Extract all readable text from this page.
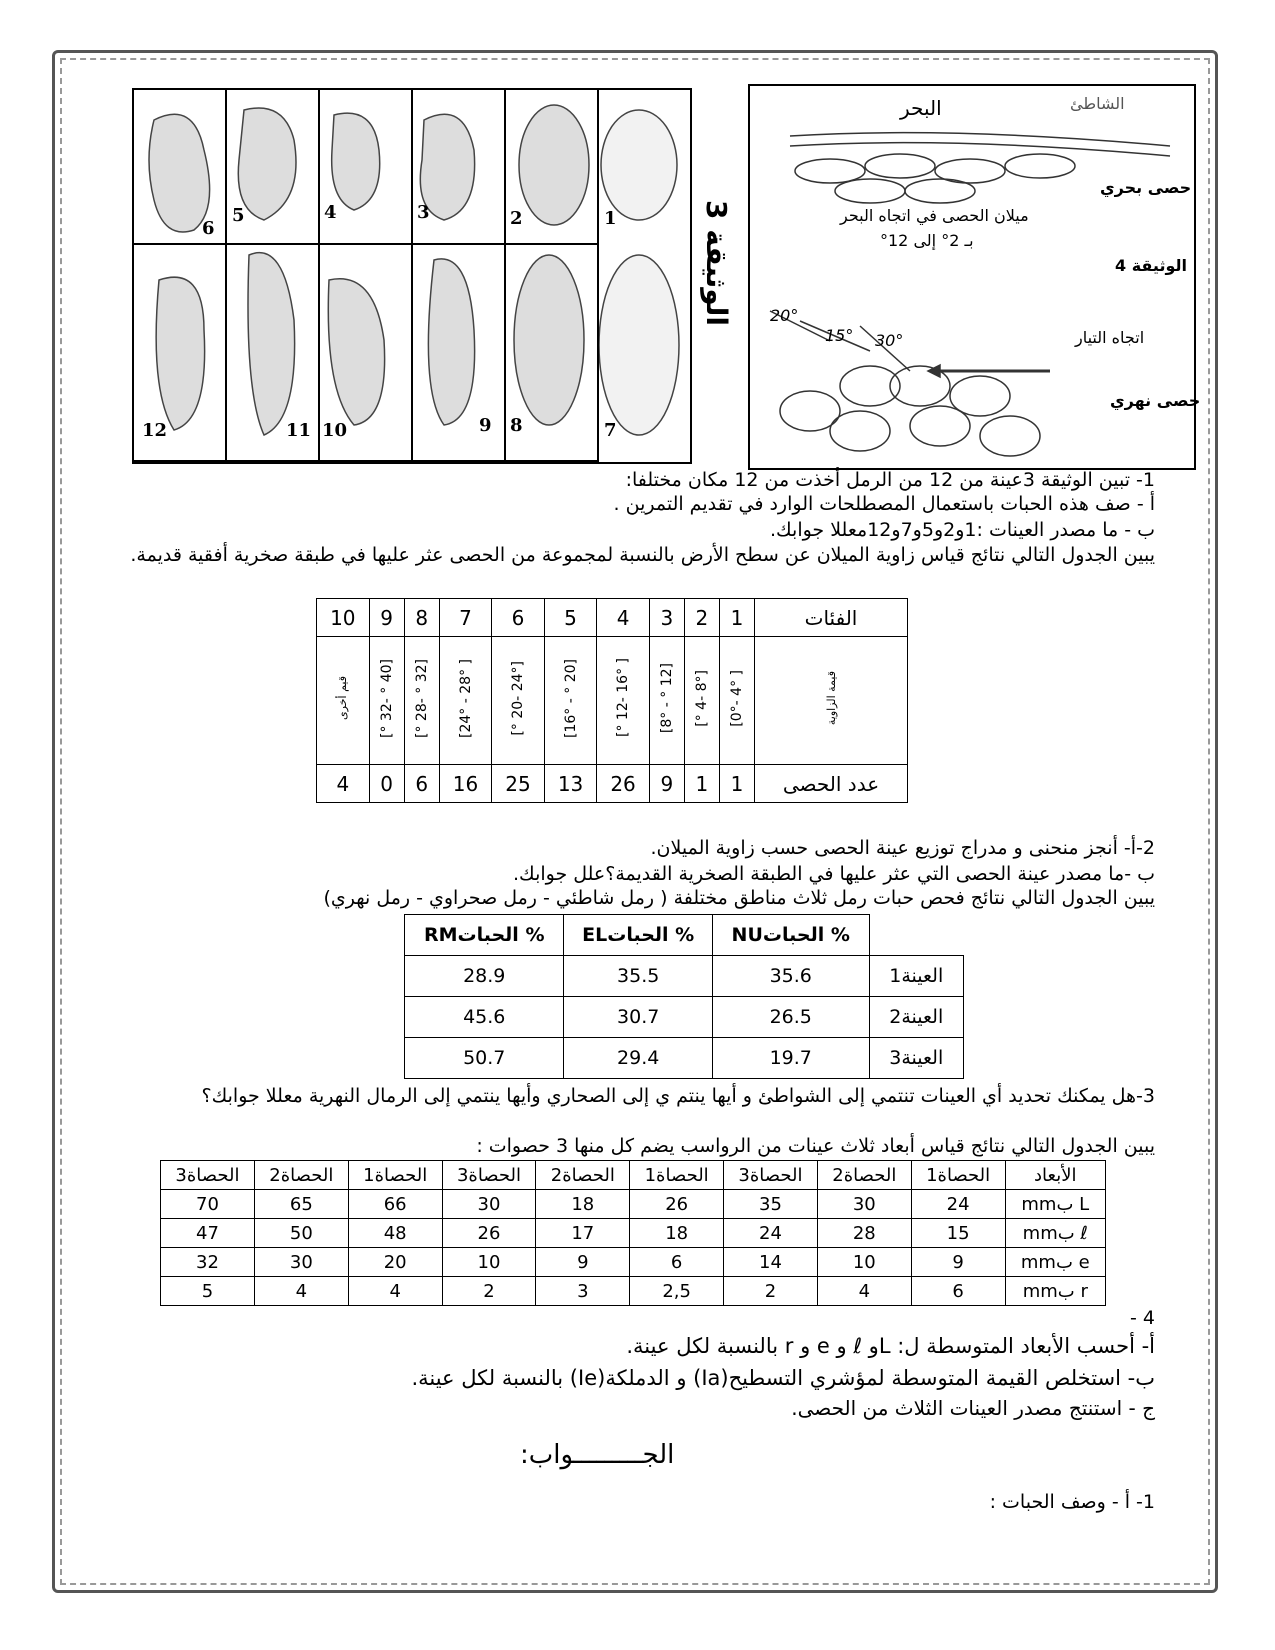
6
5	4	3	2	1
12	11 10	9 8	7
الوثيقة 3
الشاطئ
البحر
حصى بحري
ميلان الحصى في اتجاه البحر
بـ 2° إلى 12°
الوثيقة 4
20°
15° 30°	اتجاه التيار
حصى نهري
1- تبين الوثيقة 3عينة من 12 من الرمل أخذت من 12 مكان مختلفا:
أ - صف هذه الحبات باستعمال المصطلحات الوارد في تقديم التمرين .
ب - ما مصدر العينات :1و2و5و7و12معللا جوابك.
يبين الجدول التالي نتائج قياس زاوية الميلان عن سطح الأرض بالنسبة لمجموعة من الحصى عثر عليها في طبقة صخرية أفقية قديمة.
الفئات	1	2	3	4	5	6	7	8	9	10
قيمة الزاوية	[ 4° -0°]	[8° -4 °]	[12 ° - 8°]	[ 16° -12 °]	[20 ° - 16°]	[24° -20 °]	[ 28° - 24°]	[32 ° -28 °]	[40 ° -32 °]	قيم أخرى
عدد الحصى	1	1	9	26	13	25	16	6	0	4
2-أ- أنجز منحنى و مدراج توزيع عينة الحصى حسب زاوية الميلان.
ب -ما مصدر عينة الحصى التي عثر عليها في الطبقة الصخرية القديمة؟علل جوابك.
يبين الجدول التالي نتائج فحص حبات رمل ثلاث مناطق مختلفة ( رمل شاطئي - رمل صحراوي - رمل نهري)
	% الحباتNU	% الحباتEL	% الحباتRM
العينة1	35.6	35.5	28.9
العينة2	26.5	30.7	45.6
العينة3	19.7	29.4	50.7
3-هل يمكنك تحديد أي العينات تنتمي إلى الشواطئ و أيها ينتم ي إلى الصحاري وأيها ينتمي إلى الرمال النهرية معللا جوابك؟
يبين الجدول التالي نتائج قياس أبعاد ثلاث عينات من الرواسب يضم كل منها 3 حصوات :
الأبعاد	الحصاة1	الحصاة2	الحصاة3	الحصاة1	الحصاة2	الحصاة3	الحصاة1	الحصاة2	الحصاة3
L بmm	24	30	35	26	18	30	66	65	70
ℓ بmm	15	28	24	18	17	26	48	50	47
e بmm	9	10	14	6	9	10	20	30	32
r بmm	6	4	2	2,5	3	2	4	4	5
4 -
أ- أحسب الأبعاد المتوسطة ل: Lو ℓ و e و r بالنسبة لكل عينة.
ب- استخلص القيمة المتوسطة لمؤشري التسطيح(Ia) و الدملكة(Ie) بالنسبة لكل عينة.
ج - استنتج مصدر العينات الثلاث من الحصى.
الجـــــــــواب:
1- أ - وصف الحبات :
